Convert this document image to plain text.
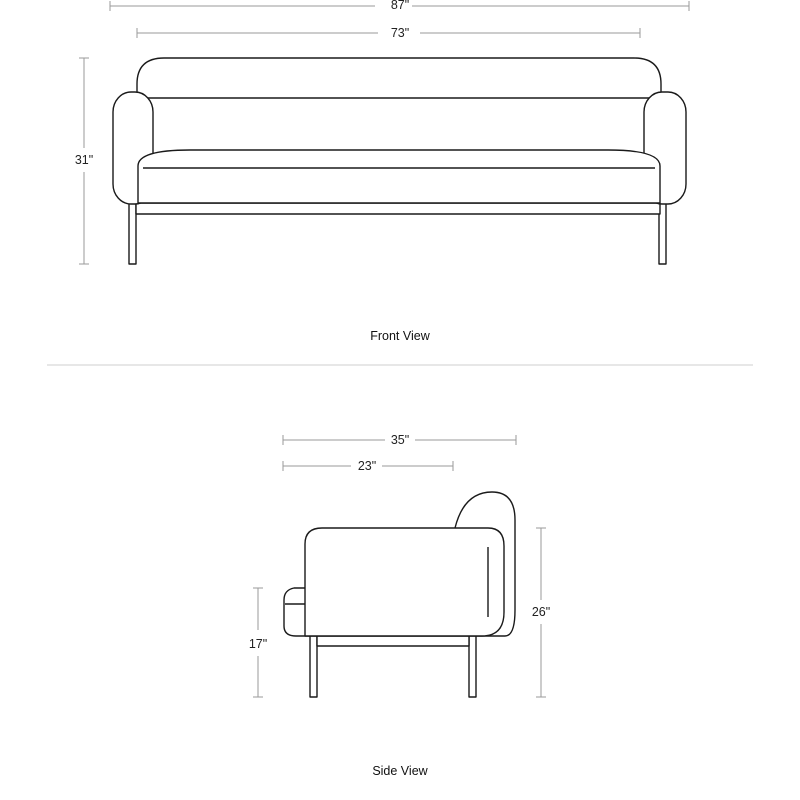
87"
73"
31"
Front View
35"
23"
17"
26"
Side View
